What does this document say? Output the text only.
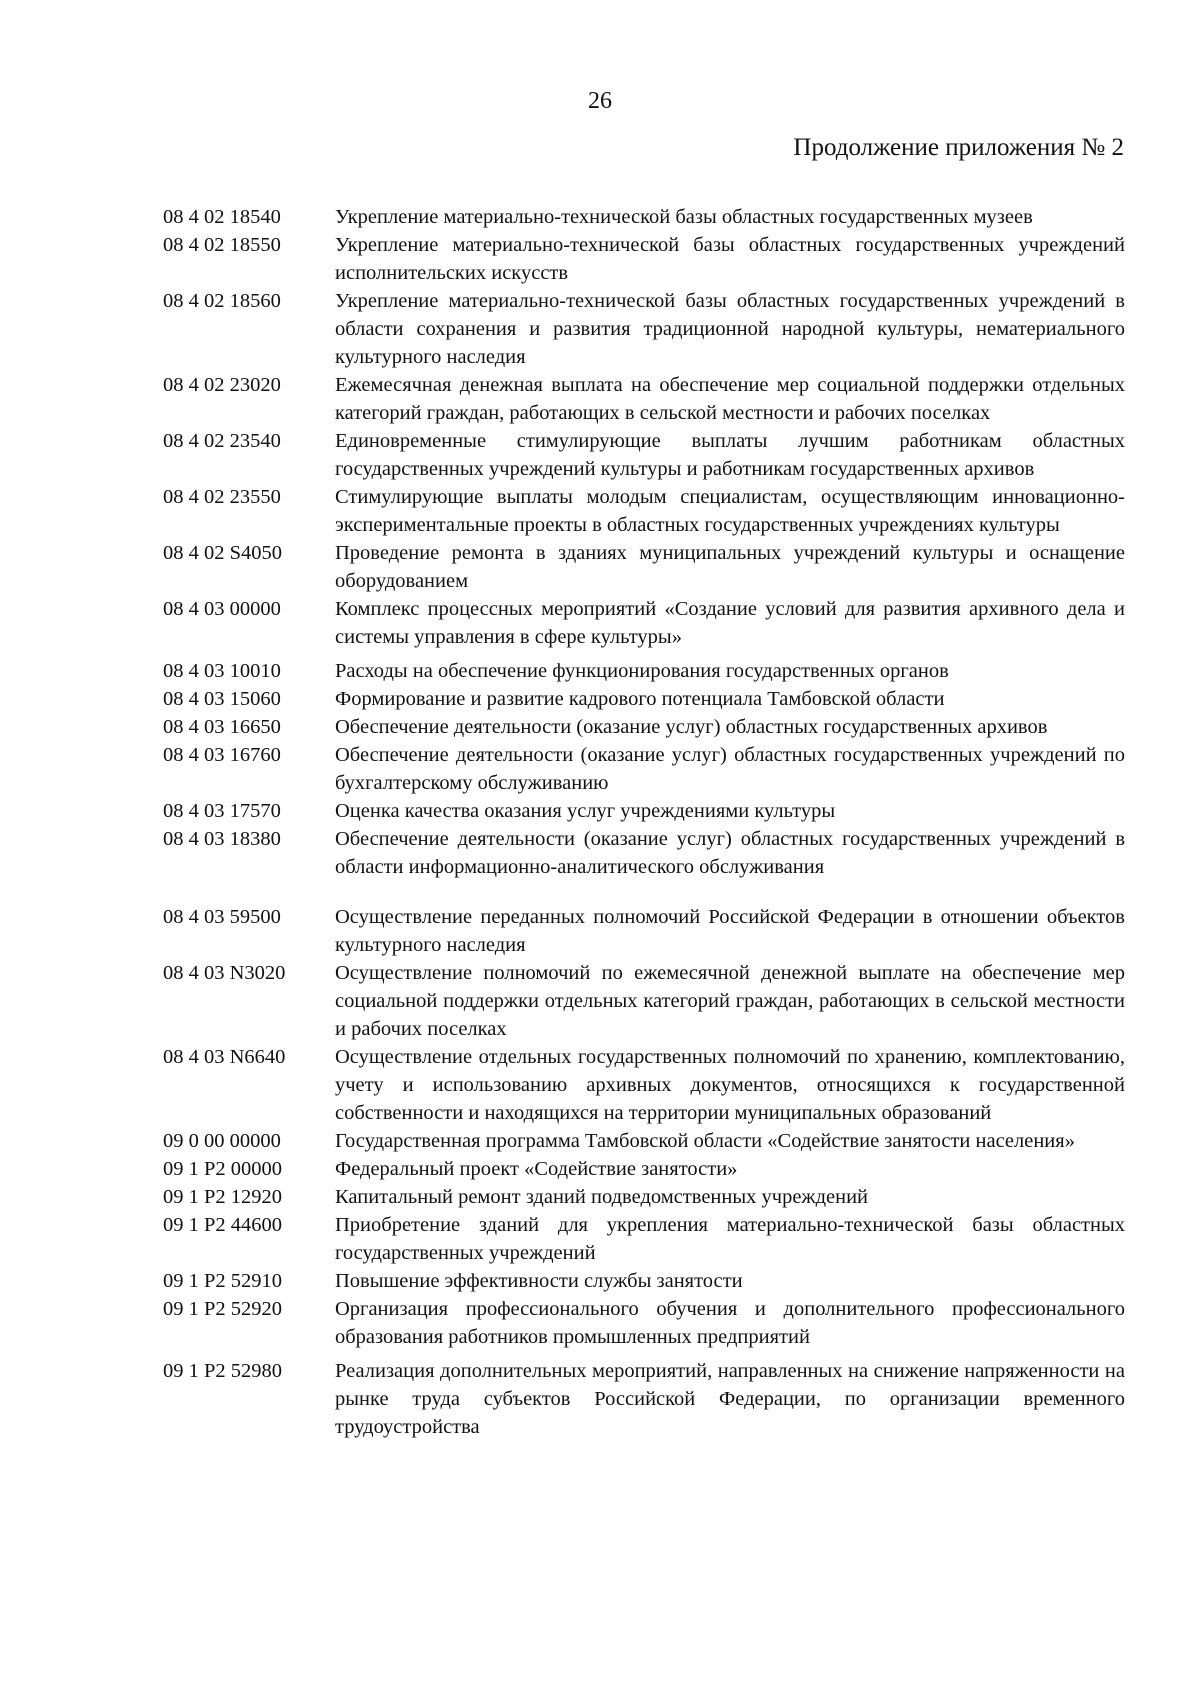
26
Продолжение приложения № 2
08 4 02 18540	Укрепление материально-технической базы областных государственных музеев
08 4 02 18550	Укрепление материально-технической базы областных государственных учреждений исполнительских искусств
08 4 02 18560	Укрепление материально-технической базы областных государственных учреждений в области сохранения и развития традиционной народной культуры, нематериального культурного наследия
08 4 02 23020	Ежемесячная денежная выплата на обеспечение мер социальной поддержки отдельных категорий граждан, работающих в сельской местности и рабочих поселках
08 4 02 23540	Единовременные стимулирующие выплаты лучшим работникам областных государственных учреждений культуры и работникам государственных архивов
08 4 02 23550	Стимулирующие выплаты молодым специалистам, осуществляющим инновационно-экспериментальные проекты в областных государственных учреждениях культуры
08 4 02 S4050	Проведение ремонта в зданиях муниципальных учреждений культуры и оснащение оборудованием
08 4 03 00000	Комплекс процессных мероприятий «Создание условий для развития архивного дела и системы управления в сфере культуры»
08 4 03 10010	Расходы на обеспечение функционирования государственных органов
08 4 03 15060	Формирование и развитие кадрового потенциала Тамбовской области
08 4 03 16650	Обеспечение деятельности (оказание услуг) областных государственных архивов
08 4 03 16760	Обеспечение деятельности (оказание услуг) областных государственных учреждений по бухгалтерскому обслуживанию
08 4 03 17570	Оценка качества оказания услуг учреждениями культуры
08 4 03 18380	Обеспечение деятельности (оказание услуг) областных государственных учреждений в области информационно-аналитического обслуживания
08 4 03 59500	Осуществление переданных полномочий Российской Федерации в отношении объектов культурного наследия
08 4 03 N3020	Осуществление полномочий по ежемесячной денежной выплате на обеспечение мер социальной поддержки отдельных категорий граждан, работающих в сельской местности и рабочих поселках
08 4 03 N6640	Осуществление отдельных государственных полномочий по хранению, комплектованию, учету и использованию архивных документов, относящихся к государственной собственности и находящихся на территории муниципальных образований
09 0 00 00000	Государственная программа Тамбовской области «Содействие занятости населения»
09 1 P2 00000	Федеральный проект «Содействие занятости»
09 1 P2 12920	Капитальный ремонт зданий подведомственных учреждений
09 1 P2 44600	Приобретение зданий для укрепления материально-технической базы областных государственных учреждений
09 1 P2 52910	Повышение эффективности службы занятости
09 1 P2 52920	Организация профессионального обучения и дополнительного профессионального образования работников промышленных предприятий
09 1 P2 52980	Реализация дополнительных мероприятий, направленных на снижение напряженности на рынке труда субъектов Российской Федерации, по организации временного трудоустройства
